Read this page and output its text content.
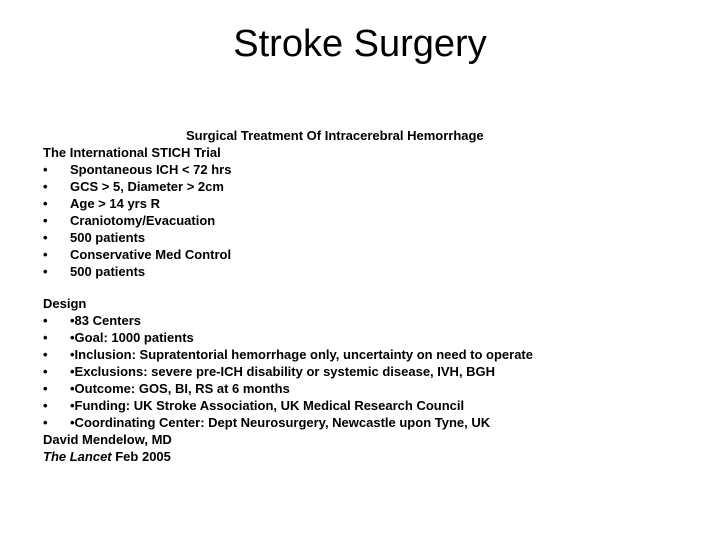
Stroke Surgery
Surgical Treatment Of Intracerebral Hemorrhage
The International STICH Trial
• Spontaneous ICH < 72 hrs
• GCS > 5, Diameter > 2cm
• Age > 14 yrs R
• Craniotomy/Evacuation
• 500 patients
• Conservative Med Control
• 500 patients
Design
• •83 Centers
• •Goal: 1000 patients
• •Inclusion: Supratentorial hemorrhage only, uncertainty on need to operate
• •Exclusions: severe pre-ICH disability or systemic disease, IVH, BGH
• •Outcome: GOS, BI, RS at 6 months
• •Funding: UK Stroke Association, UK Medical Research Council
• •Coordinating Center: Dept Neurosurgery, Newcastle upon Tyne, UK
David Mendelow, MD
The Lancet Feb 2005
